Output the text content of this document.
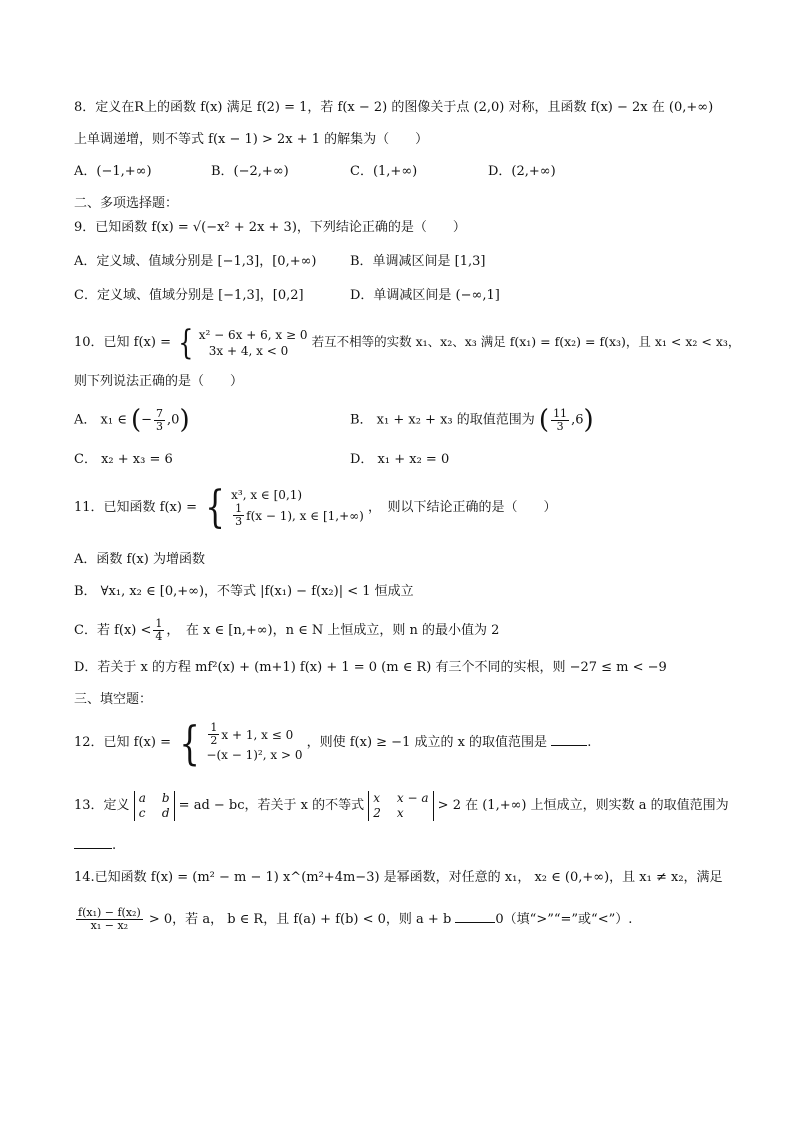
8．定义在R上的函数 f(x) 满足 f(2) = 1，若 f(x − 2) 的图像关于点 (2,0) 对称，且函数 f(x) − 2x 在 (0,+∞)
上单调递增，则不等式 f(x − 1) > 2x + 1 的解集为（　　）
A．(−1,+∞)	B．(−2,+∞)	C．(1,+∞)	D．(2,+∞)
二、多项选择题：
9．已知函数 f(x) = √(−x² + 2x + 3)，下列结论正确的是（　　）
A．定义域、值域分别是 [−1,3]，[0,+∞)	B．单调减区间是 [1,3]
C．定义域、值域分别是 [−1,3]，[0,2]	D．单调减区间是 (−∞,1]
10．已知 f(x) = { x² − 6x + 6, x ≥ 0
3x + 4, x < 0
若互不相等的实数 x₁、x₂、x₃ 满足 f(x₁) = f(x₂) = f(x₃)，且 x₁ < x₂ < x₃，
则下列说法正确的是（　　）
A． x₁ ∈ (− $\frac{7}{3} ,0$)	B． x₁ + x₂ + x₃ 的取值范围为 ( $\frac{11}{3} ,6$)
C． x₂ + x₃ = 6	D． x₁ + x₂ = 0
11．已知函数 f(x) = { x³, x ∈ [0,1)
$\frac{1}{3} f(x - 1)$, x ∈ [1,+∞)
，　则以下结论正确的是（　　）
A．函数 f(x) 为增函数
B． ∀x₁, x₂ ∈ [0,+∞)，不等式 |f(x₁) − f(x₂)| < 1 恒成立
C．若 $f(x) < \frac{1}{4}$ ，　在 x ∈ [n,+∞)，n ∈ N 上恒成立，则 n 的最小值为 2
D．若关于 x 的方程 mf²(x) + (m+1) f(x) + 1 = 0 (m ∈ R) 有三个不同的实根，则 −27 ≤ m < −9
三、填空题：
12．已知 f(x) = { $\frac{1}{2}$ x + 1, x ≤ 0
−(x − 1)², x > 0
，则使 f(x) ≥ −1 成立的 x 的取值范围是	.
13．定义
a b
c d = ad − bc，若关于 x 的不等式
x x − a
2 x	> 2 在 (1,+∞) 上恒成立，则实数 a 的取值范围为
.
14.已知函数 f(x) = (m² − m − 1) x^(m²+4m−3) 是幂函数，对任意的 x₁， x₂ ∈ (0,+∞)，且 x₁ ≠ x₂，满足
$\frac{\text{f(x₁) − f(x₂)}}{\text{x₁ − x₂}} > 0$，若 a， b ∈ R，且 f(a) + f(b) < 0，则 a + b	0（填“>”“=”或“<”）.
